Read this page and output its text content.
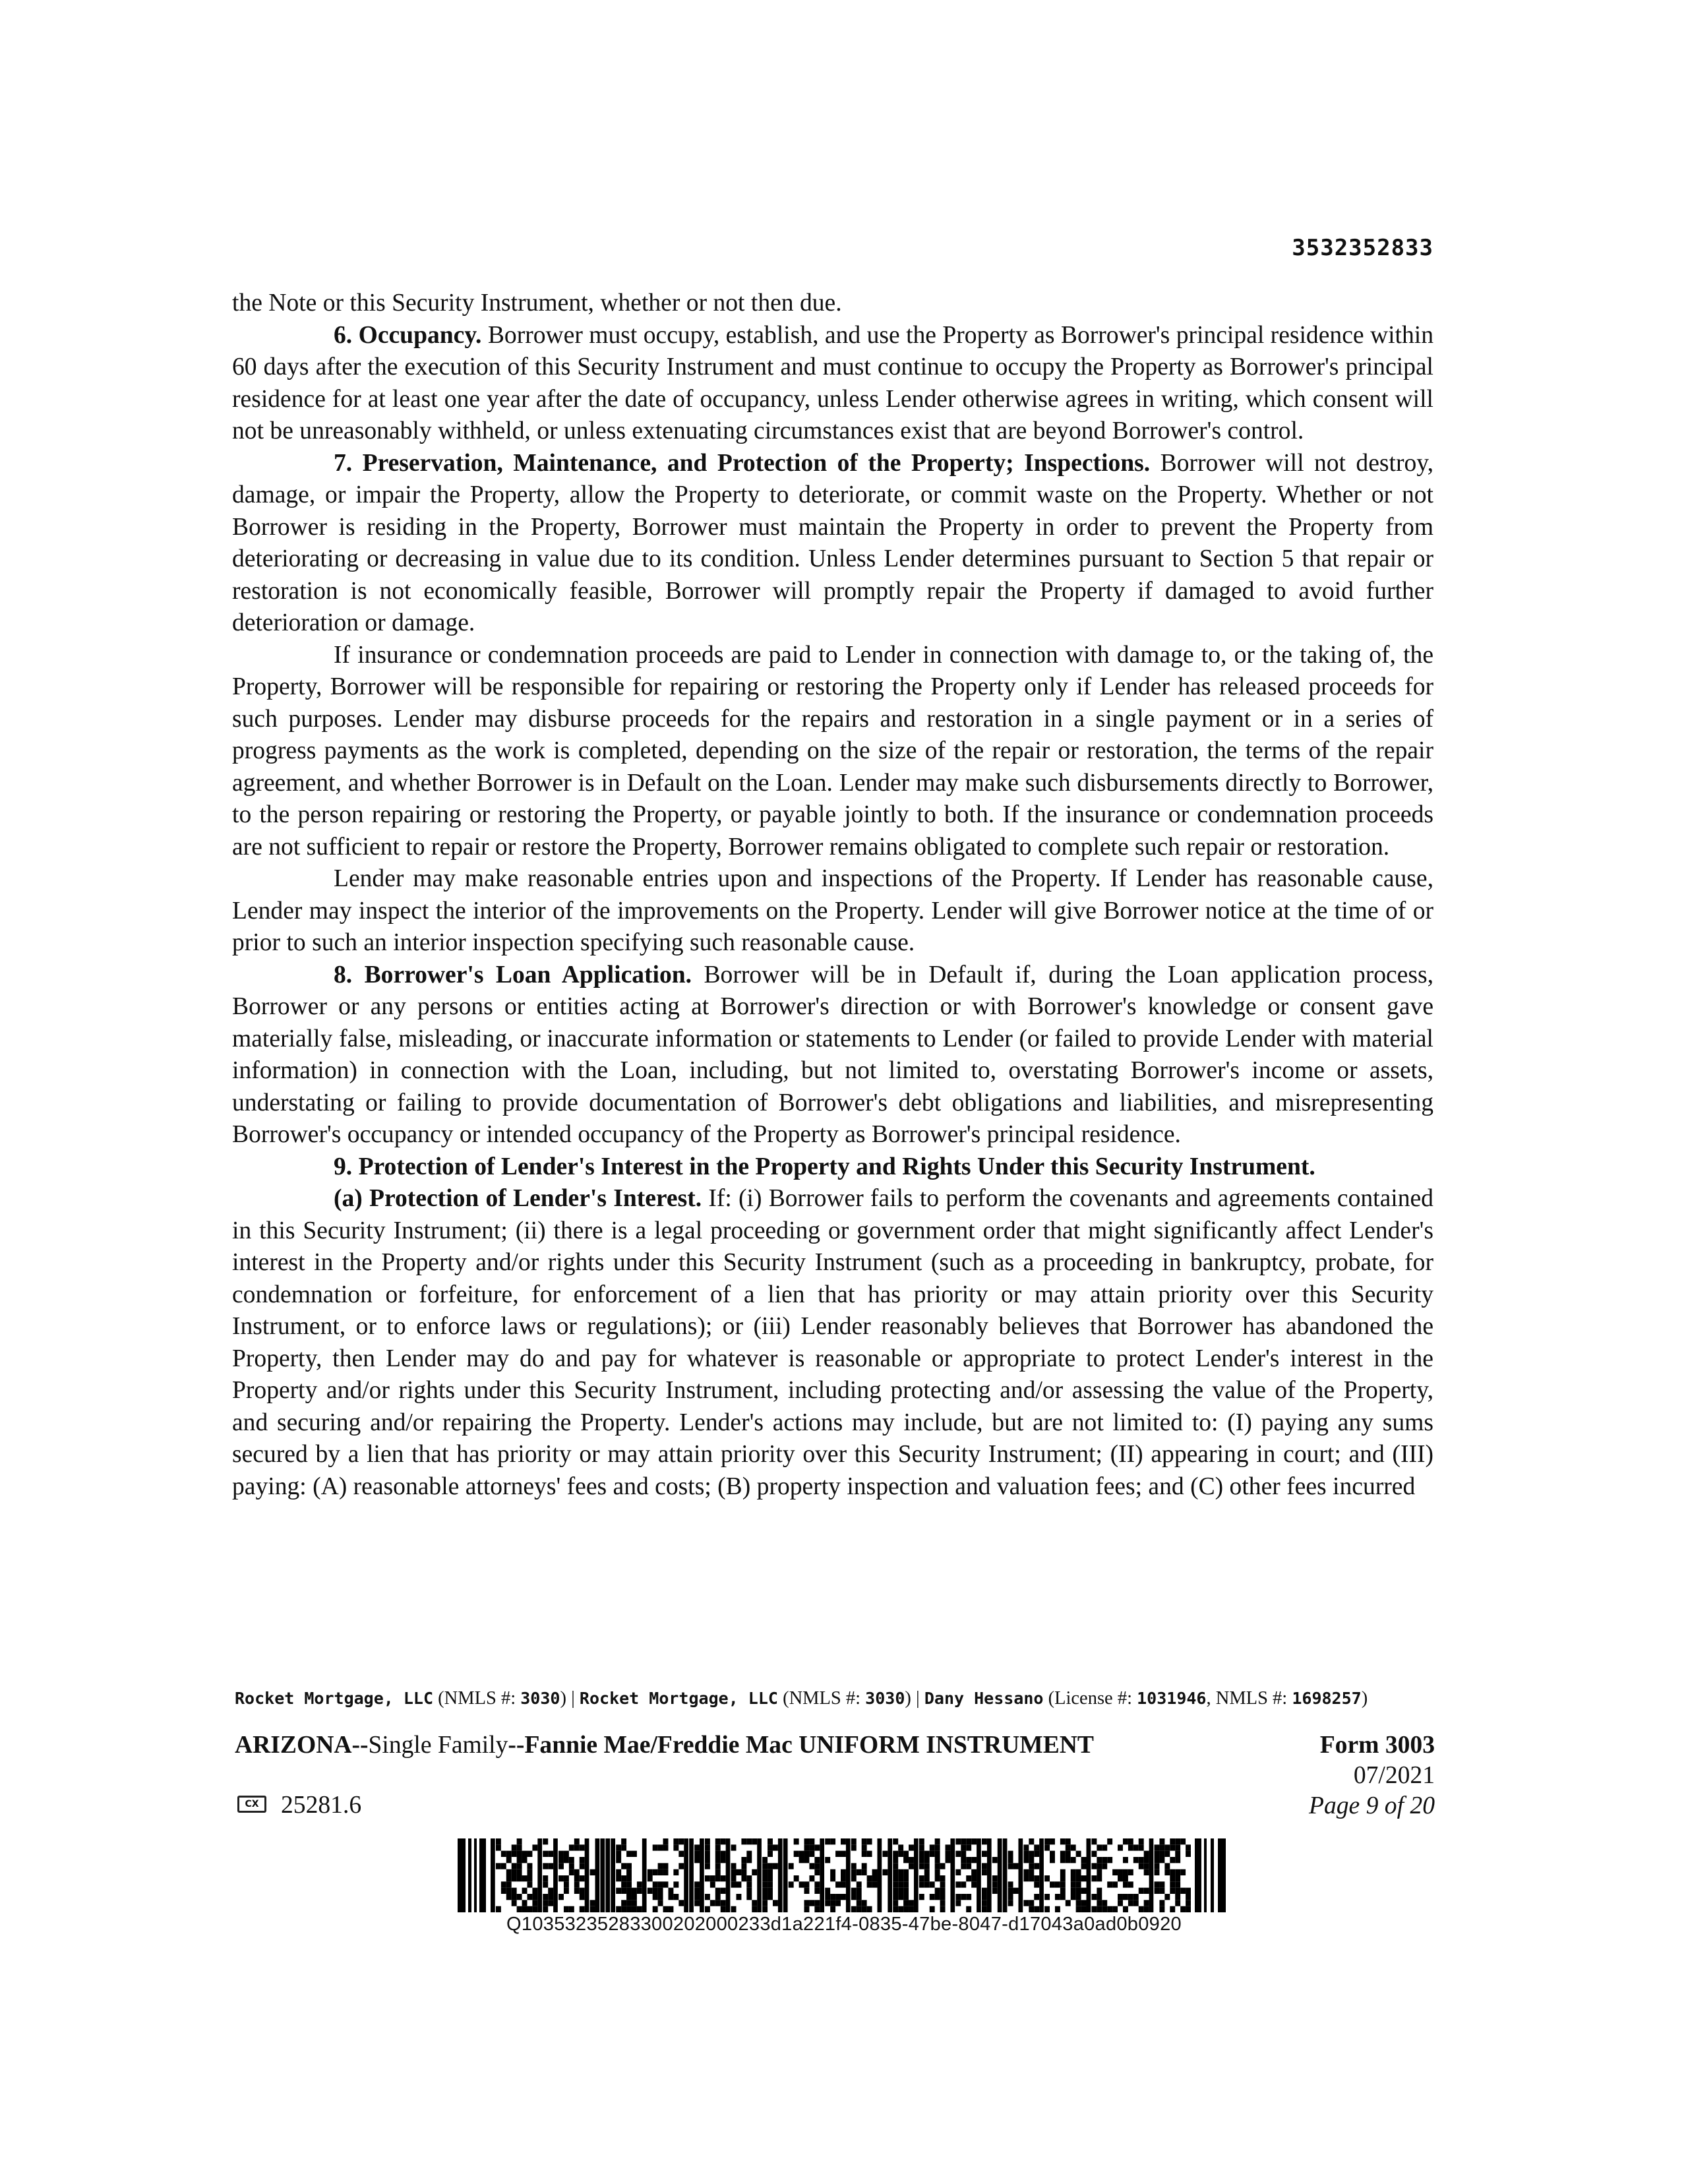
3532352833

the Note or this Security Instrument, whether or not then due.

6. Occupancy. Borrower must occupy, establish, and use the Property as Borrower's principal residence within 60 days after the execution of this Security Instrument and must continue to occupy the Property as Borrower's principal residence for at least one year after the date of occupancy, unless Lender otherwise agrees in writing, which consent will not be unreasonably withheld, or unless extenuating circumstances exist that are beyond Borrower's control.

7. Preservation, Maintenance, and Protection of the Property; Inspections. Borrower will not destroy, damage, or impair the Property, allow the Property to deteriorate, or commit waste on the Property. Whether or not Borrower is residing in the Property, Borrower must maintain the Property in order to prevent the Property from deteriorating or decreasing in value due to its condition. Unless Lender determines pursuant to Section 5 that repair or restoration is not economically feasible, Borrower will promptly repair the Property if damaged to avoid further deterioration or damage.

If insurance or condemnation proceeds are paid to Lender in connection with damage to, or the taking of, the Property, Borrower will be responsible for repairing or restoring the Property only if Lender has released proceeds for such purposes. Lender may disburse proceeds for the repairs and restoration in a single payment or in a series of progress payments as the work is completed, depending on the size of the repair or restoration, the terms of the repair agreement, and whether Borrower is in Default on the Loan. Lender may make such disbursements directly to Borrower, to the person repairing or restoring the Property, or payable jointly to both. If the insurance or condemnation proceeds are not sufficient to repair or restore the Property, Borrower remains obligated to complete such repair or restoration.

Lender may make reasonable entries upon and inspections of the Property. If Lender has reasonable cause, Lender may inspect the interior of the improvements on the Property. Lender will give Borrower notice at the time of or prior to such an interior inspection specifying such reasonable cause.

8. Borrower's Loan Application. Borrower will be in Default if, during the Loan application process, Borrower or any persons or entities acting at Borrower's direction or with Borrower's knowledge or consent gave materially false, misleading, or inaccurate information or statements to Lender (or failed to provide Lender with material information) in connection with the Loan, including, but not limited to, overstating Borrower's income or assets, understating or failing to provide documentation of Borrower's debt obligations and liabilities, and misrepresenting Borrower's occupancy or intended occupancy of the Property as Borrower's principal residence.

9. Protection of Lender's Interest in the Property and Rights Under this Security Instrument.

(a) Protection of Lender's Interest. If: (i) Borrower fails to perform the covenants and agreements contained in this Security Instrument; (ii) there is a legal proceeding or government order that might significantly affect Lender's interest in the Property and/or rights under this Security Instrument (such as a proceeding in bankruptcy, probate, for condemnation or forfeiture, for enforcement of a lien that has priority or may attain priority over this Security Instrument, or to enforce laws or regulations); or (iii) Lender reasonably believes that Borrower has abandoned the Property, then Lender may do and pay for whatever is reasonable or appropriate to protect Lender's interest in the Property and/or rights under this Security Instrument, including protecting and/or assessing the value of the Property, and securing and/or repairing the Property. Lender's actions may include, but are not limited to: (I) paying any sums secured by a lien that has priority or may attain priority over this Security Instrument; (II) appearing in court; and (III) paying: (A) reasonable attorneys' fees and costs; (B) property inspection and valuation fees; and (C) other fees incurred

Rocket Mortgage, LLC (NMLS #: 3030) | Rocket Mortgage, LLC (NMLS #: 3030) | Dany Hessano (License #: 1031946, NMLS #: 1698257)
ARIZONA--Single Family--Fannie Mae/Freddie Mac UNIFORM INSTRUMENT	Form 3003
07/2021
Page 9 of 20
CX 25281.6
Q10353235283300202000233d1a221f4-0835-47be-8047-d17043a0ad0b0920
